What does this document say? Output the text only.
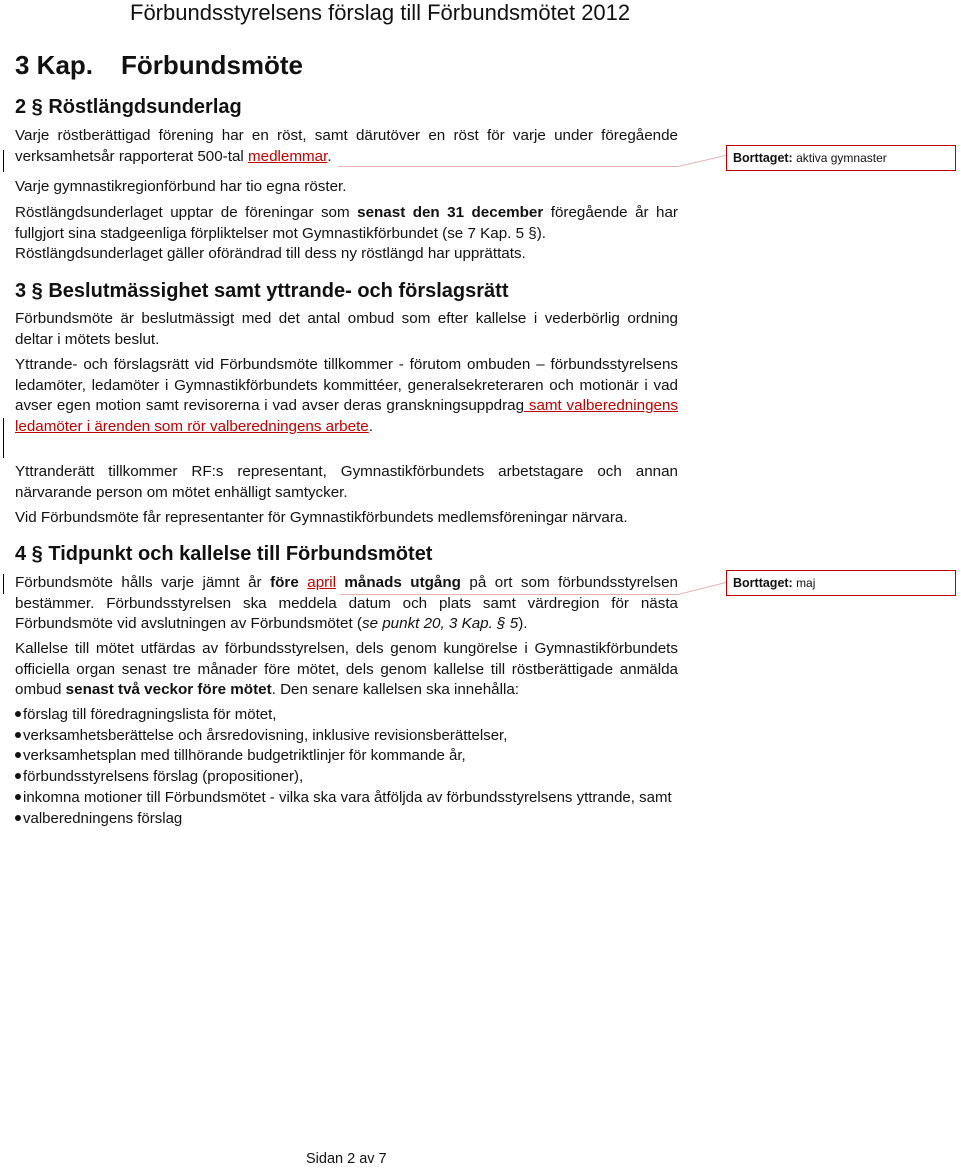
Förbundsstyrelsens förslag till Förbundsmötet 2012
3 Kap. Förbundsmöte
2 § Röstlängdsunderlag

Varje röstberättigad förening har en röst, samt därutöver en röst för varje under föregående verksamhetsår rapporterat 500-tal medlemmar.

Varje gymnastikregionförbund har tio egna röster.

Röstlängdsunderlaget upptar de föreningar som senast den 31 december föregående år har fullgjort sina stadgeenliga förpliktelser mot Gymnastikförbundet (se 7 Kap. 5 §).

Röstlängdsunderlaget gäller oförändrad till dess ny röstlängd har upprättats.
3 § Beslutmässighet samt yttrande- och förslagsrätt
Förbundsmöte är beslutmässigt med det antal ombud som efter kallelse i vederbörlig ordning deltar i mötets beslut.

Yttrande- och förslagsrätt vid Förbundsmöte tillkommer - förutom ombuden – förbundsstyrelsens ledamöter, ledamöter i Gymnastikförbundets kommittéer, generalsekreteraren och motionär i vad avser egen motion samt revisorerna i vad avser deras granskningsuppdrag samt valberedningens ledamöter i ärenden som rör valberedningens arbete.

Yttranderätt tillkommer RF:s representant, Gymnastikförbundets arbetstagare och annan närvarande person om mötet enhälligt samtycker.
Vid Förbundsmöte får representanter för Gymnastikförbundets medlemsföreningar närvara.
4 § Tidpunkt och kallelse till Förbundsmötet

Förbundsmöte hålls varje jämnt år före april månads utgång på ort som förbundsstyrelsen bestämmer. Förbundsstyrelsen ska meddela datum och plats samt värdregion för nästa Förbundsmöte vid avslutningen av Förbundsmötet (se punkt 20, 3 Kap. § 5).

Kallelse till mötet utfärdas av förbundsstyrelsen, dels genom kungörelse i Gymnastikförbundets officiella organ senast tre månader före mötet, dels genom kallelse till röstberättigade anmälda ombud senast två veckor före mötet. Den senare kallelsen ska innehålla:

förslag till föredragningslista för mötet,
verksamhetsberättelse och årsredovisning, inklusive revisionsberättelser,
verksamhetsplan med tillhörande budgetriktlinjer för kommande år,
förbundsstyrelsens förslag (propositioner),
inkomna motioner till Förbundsmötet - vilka ska vara åtföljda av förbundsstyrelsens yttrande, samt
valberedningens förslag
Borttaget: aktiva gymnaster
Borttaget: maj
Sidan 2 av 7
